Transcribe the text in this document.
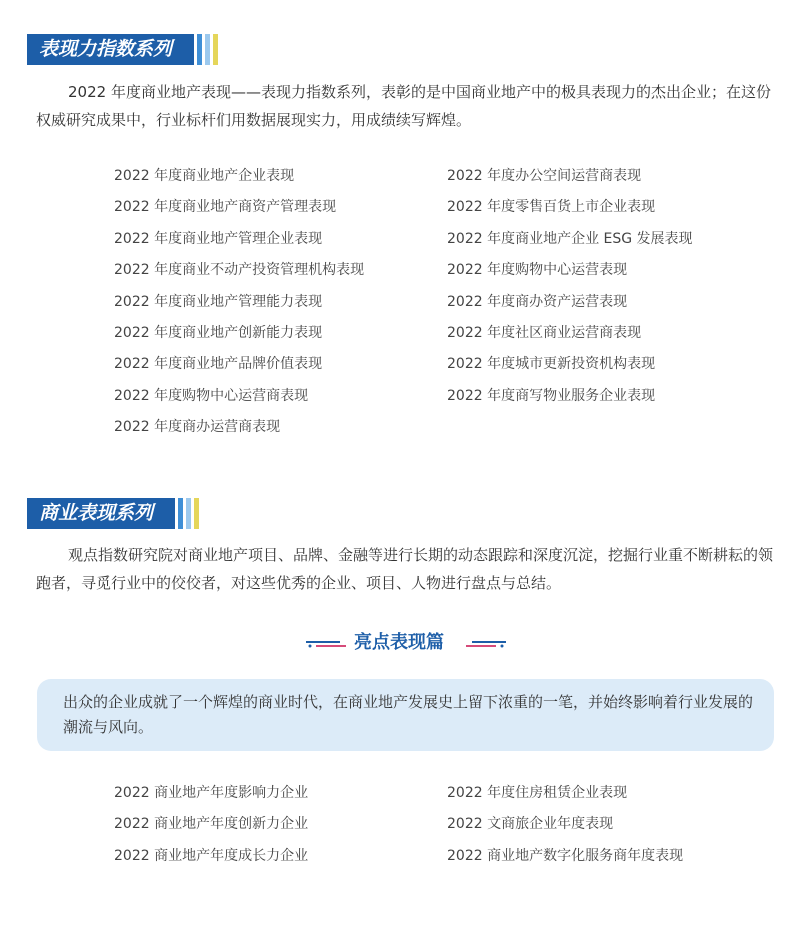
表现力指数系列

2022 年度商业地产表现——表现力指数系列，表彰的是中国商业地产中的极具表现力的杰出企业；在这份权威研究成果中，行业标杆们用数据展现实力，用成绩续写辉煌。

2022 年度商业地产企业表现
2022 年度商业地产商资产管理表现
2022 年度商业地产管理企业表现
2022 年度商业不动产投资管理机构表现
2022 年度商业地产管理能力表现
2022 年度商业地产创新能力表现
2022 年度商业地产品牌价值表现
2022 年度购物中心运营商表现
2022 年度商办运营商表现
2022 年度办公空间运营商表现
2022 年度零售百货上市企业表现
2022 年度商业地产企业 ESG 发展表现
2022 年度购物中心运营表现
2022 年度商办资产运营表现
2022 年度社区商业运营商表现
2022 年度城市更新投资机构表现
2022 年度商写物业服务企业表现
商业表现系列

观点指数研究院对商业地产项目、品牌、金融等进行长期的动态跟踪和深度沉淀，挖掘行业重不断耕耘的领跑者，寻觅行业中的佼佼者，对这些优秀的企业、项目、人物进行盘点与总结。

亮点表现篇

出众的企业成就了一个辉煌的商业时代，在商业地产发展史上留下浓重的一笔，并始终影响着行业发展的潮流与风向。

2022 商业地产年度影响力企业
2022 商业地产年度创新力企业
2022 商业地产年度成长力企业
2022 年度住房租赁企业表现
2022 文商旅企业年度表现
2022 商业地产数字化服务商年度表现
